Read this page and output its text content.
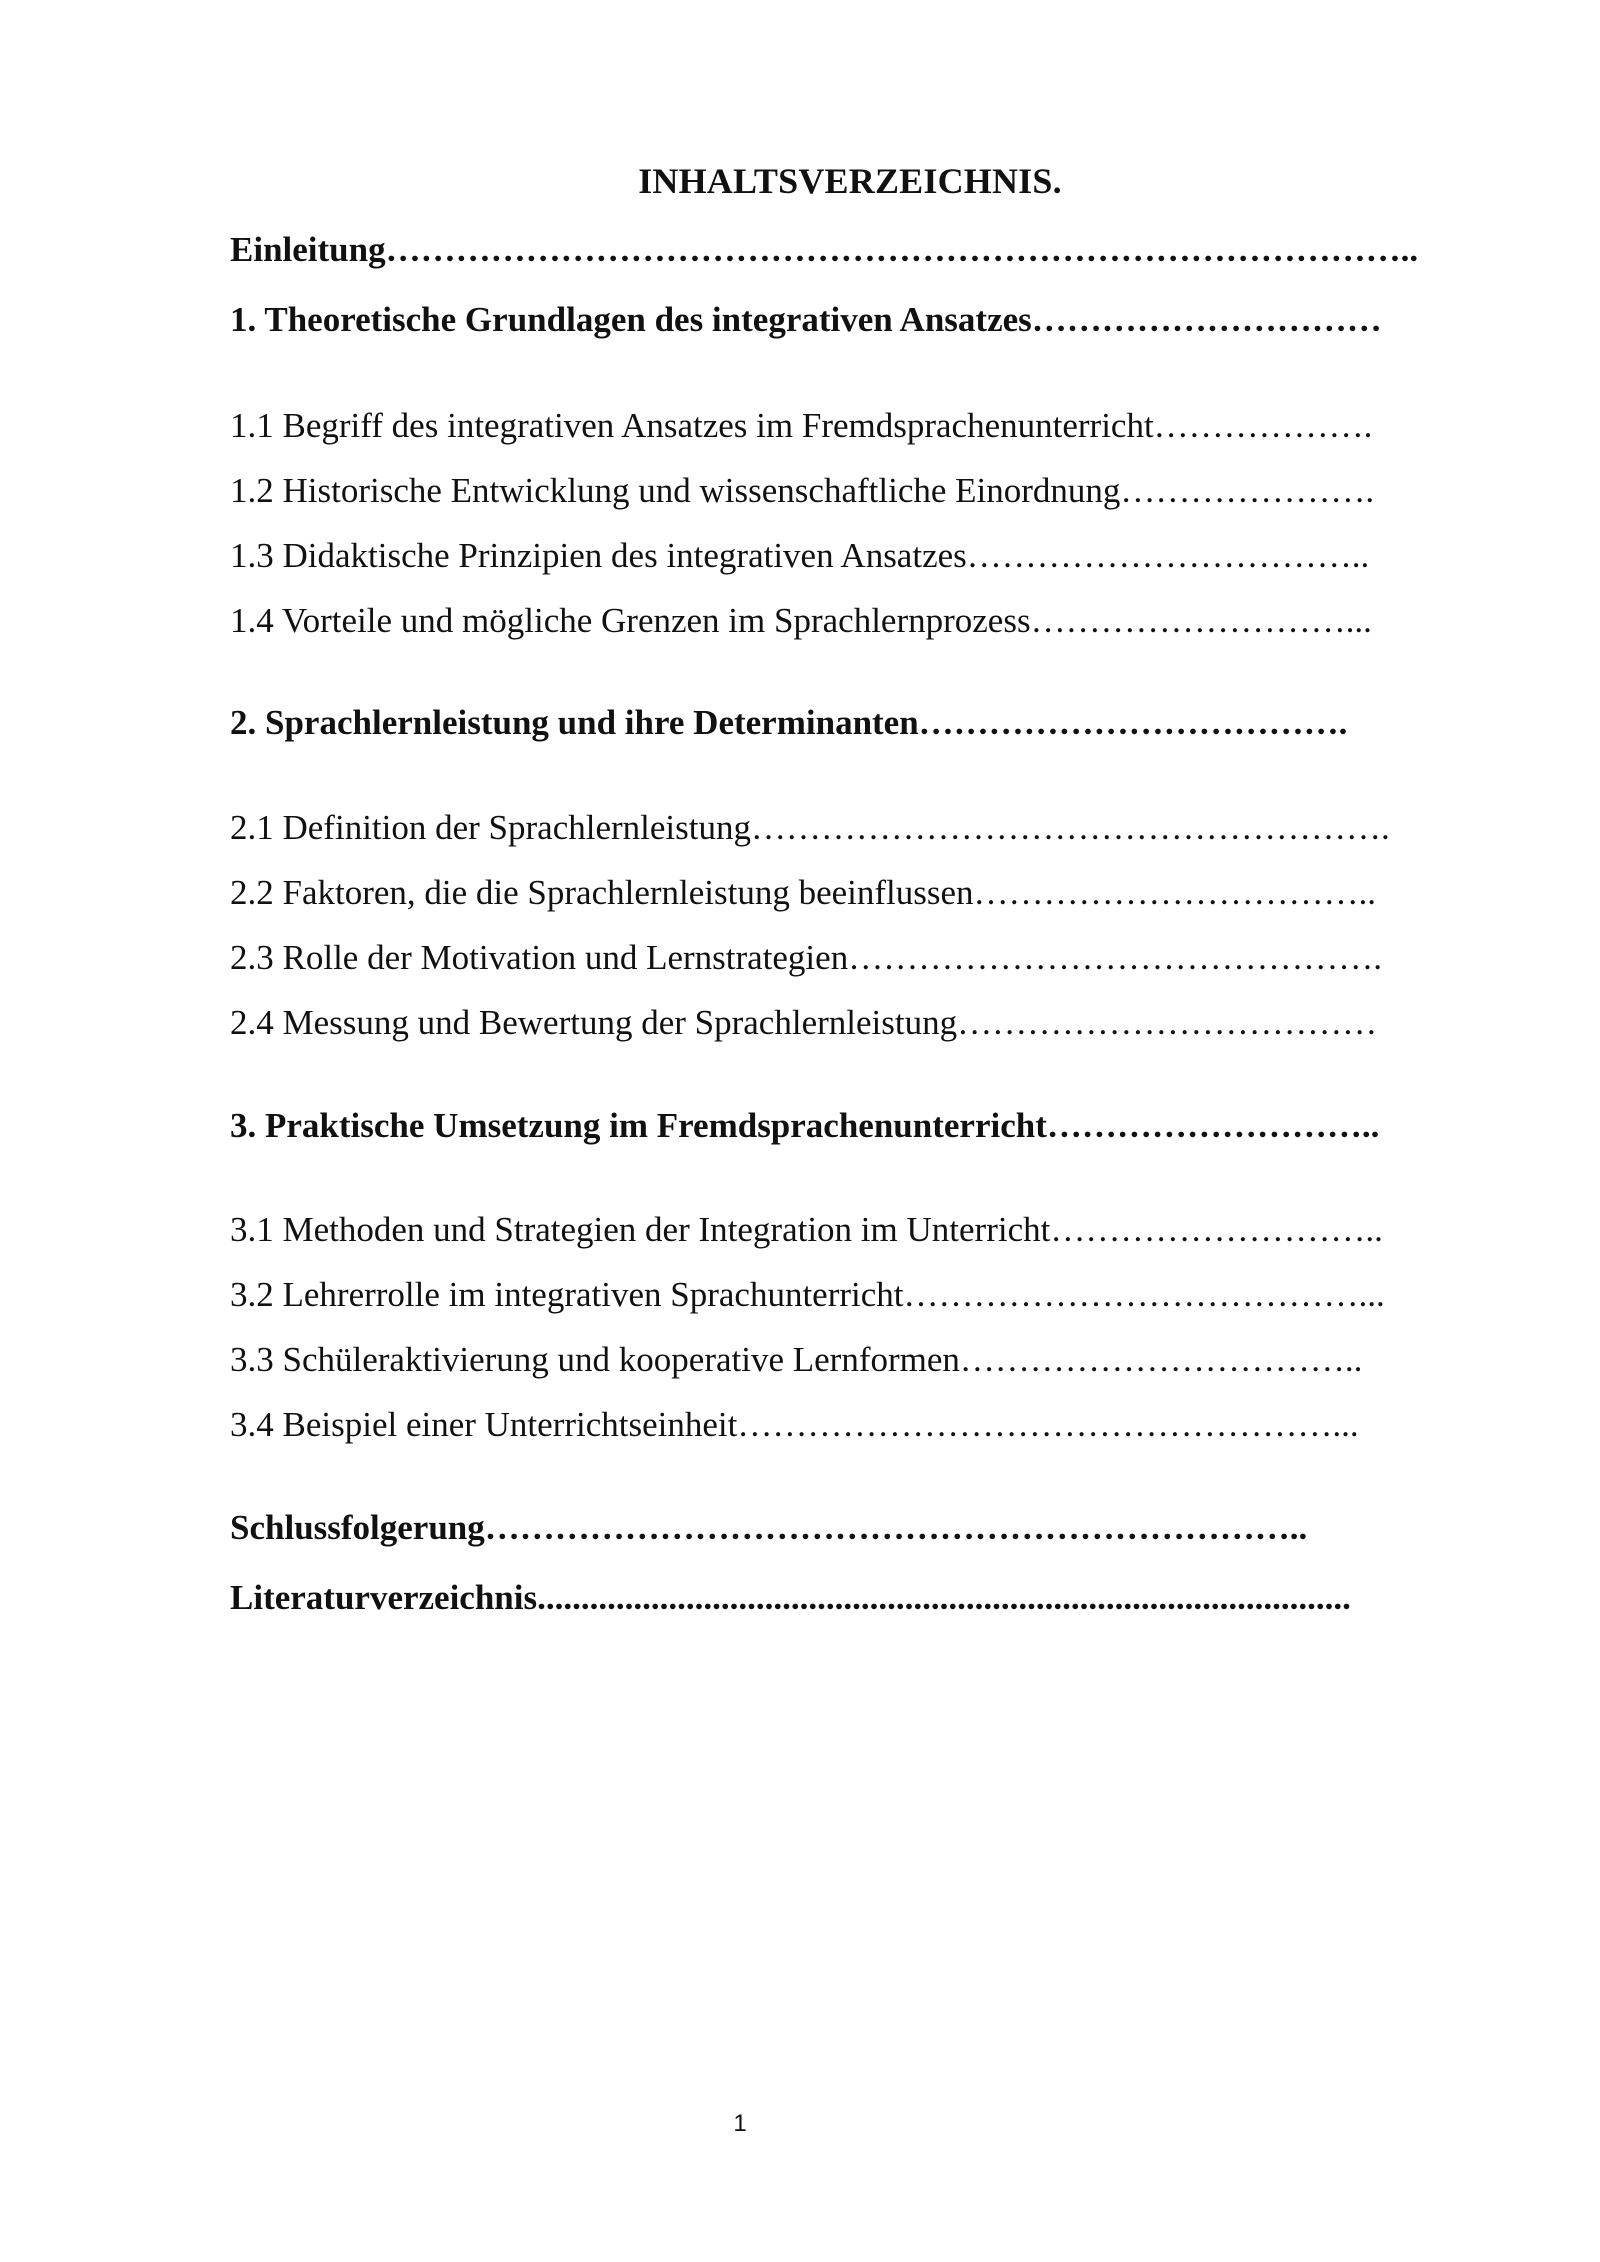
INHALTSVERZEICHNIS.

Einleitung……………………………………………………………………………..

1. Theoretische Grundlagen des integrativen Ansatzes…………………………

1.1 Begriff des integrativen Ansatzes im Fremdsprachenunterricht……………….

1.2 Historische Entwicklung und wissenschaftliche Einordnung………………….

1.3 Didaktische Prinzipien des integrativen Ansatzes……………………………..

1.4 Vorteile und mögliche Grenzen im Sprachlernprozess………………………...

2. Sprachlernleistung und ihre Determinanten……………………………….

2.1 Definition der Sprachlernleistung……………………………………………….

2.2 Faktoren, die die Sprachlernleistung beeinflussen……………………………..

2.3 Rolle der Motivation und Lernstrategien……………………………………….

2.4 Messung und Bewertung der Sprachlernleistung………………………………

3. Praktische Umsetzung im Fremdsprachenunterricht………………………..

3.1 Methoden und Strategien der Integration im Unterricht………………………..

3.2 Lehrerrolle im integrativen Sprachunterricht…………………………………...

3.3 Schüleraktivierung und kooperative Lernformen……………………………..

3.4 Beispiel einer Unterrichtseinheit……………………………………………...

Schlussfolgerung……………………………………………………………..

Literaturverzeichnis.............................................................................................

1
